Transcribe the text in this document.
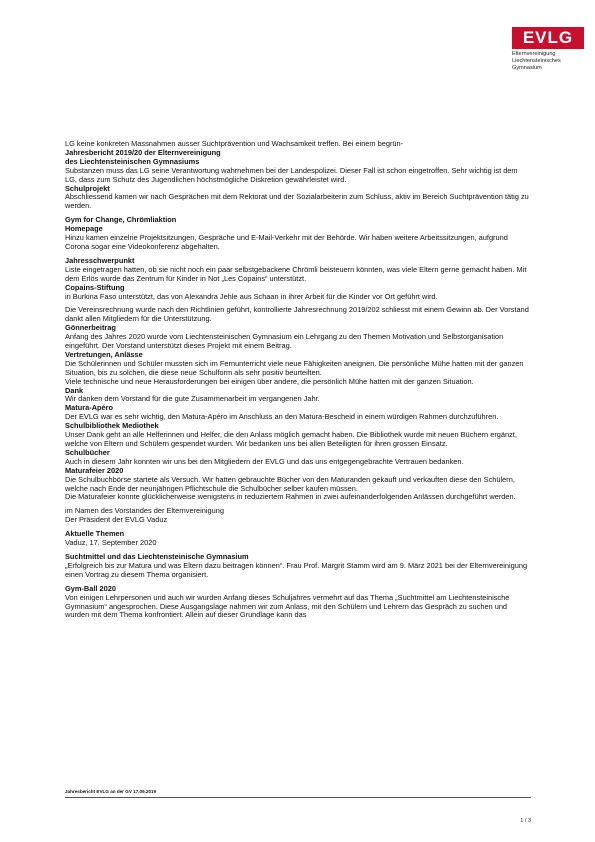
EVLG
Elternvereinigung
Liechtensteinisches
Gymnasium

LG keine konkreten Massnahmen ausser Suchtprävention und Wachsamkeit treffen. Bei einem begrün-

Jahresbericht 2019/20 der Elternvereinigung

des Liechtensteinischen Gymnasiums

Substanzen muss das LG seine Verantwortung wahrnehmen bei der Landespolizei. Dieser Fall ist schon eingetroffen. Sehr wichtig ist dem LG, dass zum Schutz des Jugendlichen höchstmögliche Diskretion gewährleistet wird.

Schulprojekt

Abschliessend kamen wir nach Gesprächen mit dem Rektorat und der Sozialarbeiterin zum Schluss, aktiv im Bereich Suchtprävention tätig zu werden.

Gym for Change, Chrömliaktion

Homepage

Hinzu kamen einzelne Projektsitzungen, Gespräche und E-Mail-Verkehr mit der Behörde. Wir haben weitere Arbeitssitzungen, aufgrund Corona sogar eine Videokonferenz abgehalten.

Jahresschwerpunkt

Liste eingetragen hatten, ob sie nicht noch ein paar selbstgebackene Chrömli beisteuern könnten, was viele Eltern gerne gemacht haben. Mit dem Erlös wurde das Zentrum für Kinder in Not „Les Copains“ unterstützt.

Copains-Stiftung

in Burkina Faso unterstützt, das von Alexandra Jehle aus Schaan in ihrer Arbeit für die Kinder vor Ort geführt wird.

Die Vereinsrechnung wurde nach den Richtlinien geführt, kontrollierte Jahresrechnung 2019/202 schliesst mit einem Gewinn ab. Der Vorstand dankt allen Mitgliedern für die Unterstützung.

Gönnerbeitrag

Anfang des Jahres 2020 wurde vom Liechtensteinischen Gymnasium ein Lehrgang zu den Themen Motivation und Selbstorganisation eingeführt. Der Vorstand unterstützt dieses Projekt mit einem Beitrag.

Vertretungen, Anlässe

Die Schülerinnen und Schüler mussten sich im Fernunterricht viele neue Fähigkeiten aneignen. Die persönliche Mühe hatten mit der ganzen Situation, bis zu solchen, die diese neue Schulform als sehr positiv beurteilten.

Viele technische und neue Herausforderungen bei einigen über andere, die persönlich Mühe hatten mit der ganzen Situation.

Dank

Wir danken dem Vorstand für die gute Zusammenarbeit im vergangenen Jahr.

Matura-Apéro

Der EVLG war es sehr wichtig, den Matura-Apéro im Anschluss an den Matura-Bescheid in einem würdigen Rahmen durchzuführen.

Schulbibliothek Mediothek

Unser Dank geht an alle Helferinnen und Helfer, die den Anlass möglich gemacht haben. Die Bibliothek wurde mit neuen Büchern ergänzt, welche von Eltern und Schülern gespendet wurden. Wir bedanken uns bei allen Beteiligten für ihren grossen Einsatz.

Schulbücher

Auch in diesem Jahr konnten wir uns bei den Mitgliedern der EVLG und das uns entgegengebrachte Vertrauen bedanken.

Maturafeier 2020

Die Schulbuchbörse startete als Versuch. Wir hatten gebrauchte Bücher von den Maturanden gekauft und verkauften diese den Schülern, welche nach Ende der neunjährigen Pflichtschule die Schulbücher selber kaufen müssen.

Die Maturafeier konnte glücklicherweise wenigstens in reduziertem Rahmen in zwei aufeinanderfolgenden Anlässen durchgeführt werden.

im Namen des Vorstandes der Elternvereinigung

Der Präsident der EVLG Vaduz

Aktuelle Themen

Vaduz, 17. September 2020

Suchtmittel und das Liechtensteinische Gymnasium

„Erfolgreich bis zur Matura und was Eltern dazu beitragen können“. Frau Prof. Margrit Stamm wird am 9. März 2021 bei der Elternvereinigung einen Vortrag zu diesem Thema organisiert.

Gym-Ball 2020

Von einigen Lehrpersonen und auch wir wurden Anfang dieses Schuljahres vermehrt auf das Thema „Suchtmittel am Liechtensteinische Gymnasium“ angesprochen. Diese Ausgangslage nahmen wir zum Anlass, mit den Schülern und Lehrern das Gespräch zu suchen und wurden mit dem Thema konfrontiert. Allein auf dieser Grundlage kann das

Jahresbericht EVLG an der GV 17.09.2019
1 / 3
